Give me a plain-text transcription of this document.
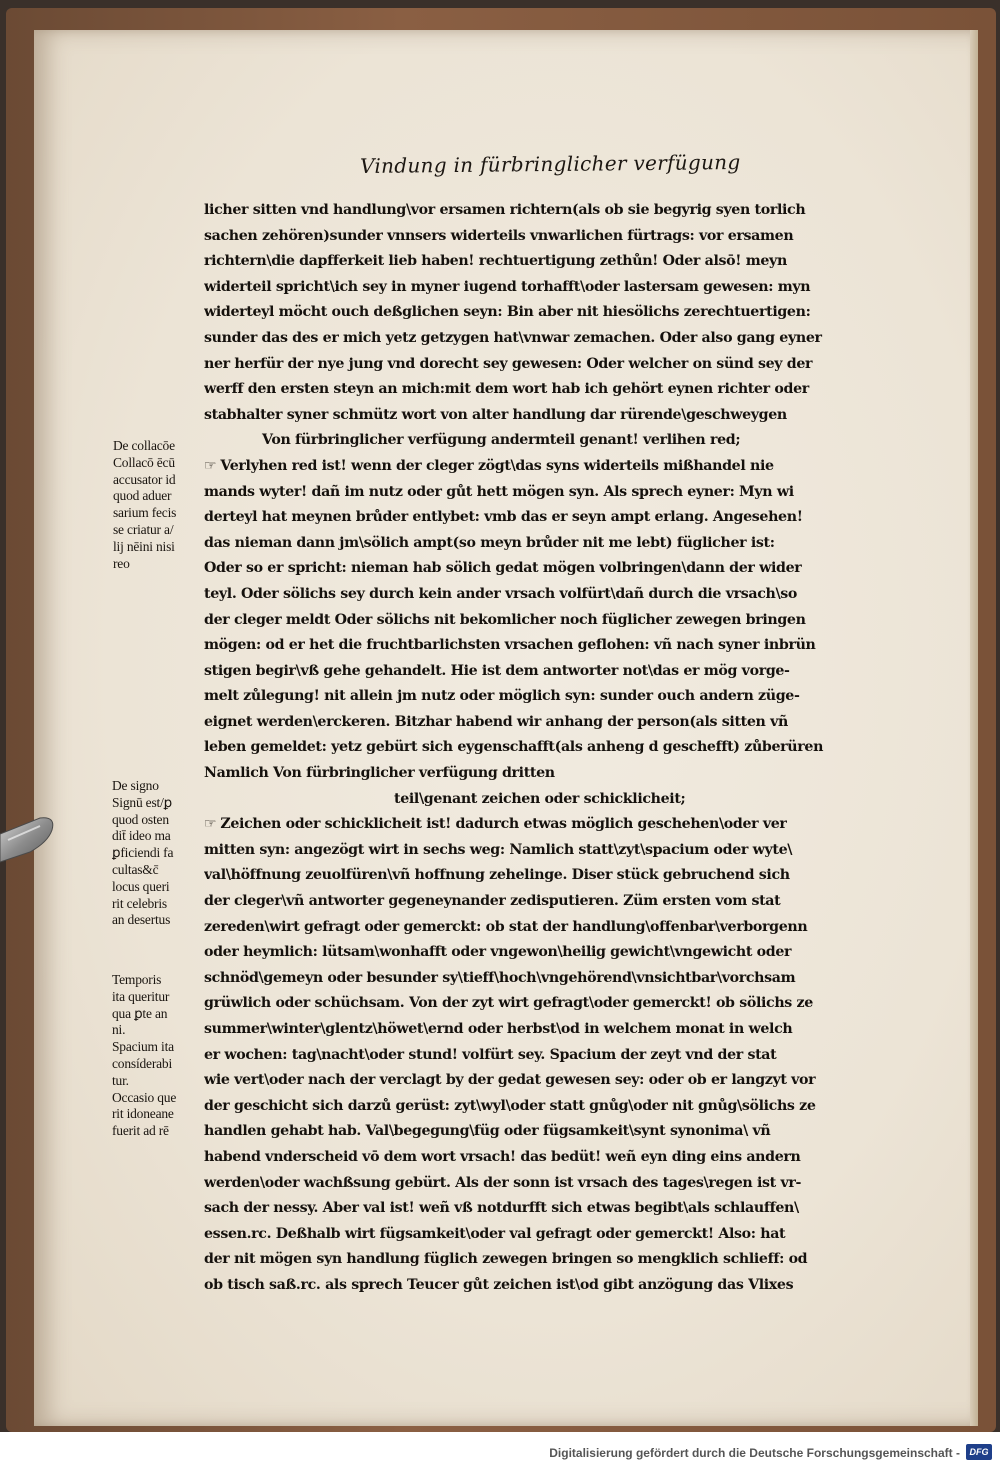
Vindung in fürbringlicher verfügung
licher sitten vnd handlung\vor ersamen richtern(als ob sie begyrig syen torlich
sachen zehören)sunder vnnsers widerteils vnwarlichen fürtrags: vor ersamen
richtern\die dapfferkeit lieb haben! rechtuertigung zethůn! Oder alsō! meyn
widerteil spricht\ich sey in myner iugend torhafft\oder lastersam gewesen: myn
widerteyl möcht ouch deßglichen seyn: Bin aber nit hiesölichs zerechtuertigen:
sunder das des er mich yetz getzygen hat\vnwar zemachen. Oder also gang eyner
ner herfür der nye jung vnd dorecht sey gewesen: Oder welcher on sünd sey der
werff den ersten steyn an mich:mit dem wort hab ich gehört eynen richter oder
stabhalter syner schmütz wort von alter handlung dar rürende\geschweygen
Von fürbringlicher verfügung andermteil genant! verlihen red;
☞ Verlyhen red ist! wenn der cleger zögt\das syns widerteils mißhandel nie
mands wyter! dañ im nutz oder gůt hett mögen syn. Als sprech eyner: Myn wi
derteyl hat meynen brůder entlybet: vmb das er seyn ampt erlang. Angesehen!
das nieman dann jm\sölich ampt(so meyn brůder nit me lebt) füglicher ist:
Oder so er spricht: nieman hab sölich gedat mögen volbringen\dann der wider
teyl. Oder sölichs sey durch kein ander vrsach volfürt\dañ durch die vrsach\so
der cleger meldt Oder sölichs nit bekomlicher noch füglicher zewegen bringen
mögen: od er het die fruchtbarlichsten vrsachen geflohen: vñ nach syner inbrün
stigen begir\vß gehe gehandelt. Hie ist dem antworter not\das er mög vorge-
melt zůlegung! nit allein jm nutz oder möglich syn: sunder ouch andern züge-
eignet werden\erckeren. Bitzhar habend wir anhang der person(als sitten vñ
leben gemeldet: yetz gebürt sich eygenschafft(als anheng d geschefft) zůberüren
Namlich Von fürbringlicher verfügung dritten
teil\genant zeichen oder schicklicheit;
☞ Zeichen oder schicklicheit ist! dadurch etwas möglich geschehen\oder ver
mitten syn: angezögt wirt in sechs weg: Namlich statt\zyt\spacium oder wyte\
val\höffnung zeuolfüren\vñ hoffnung zehelinge. Diser stück gebruchend sich
der cleger\vñ antworter gegeneynander zedisputieren. Züm ersten vom stat
zereden\wirt gefragt oder gemerckt: ob stat der handlung\offenbar\verborgenn
oder heymlich: lütsam\wonhafft oder vngewon\heilig gewicht\vngewicht oder
schnöd\gemeyn oder besunder sy\tieff\hoch\vngehörend\vnsichtbar\vorchsam
grüwlich oder schüchsam. Von der zyt wirt gefragt\oder gemerckt! ob sölichs ze
summer\winter\glentz\höwet\ernd oder herbst\od in welchem monat in welch
er wochen: tag\nacht\oder stund! volfürt sey. Spacium der zeyt vnd der stat
wie vert\oder nach der verclagt by der gedat gewesen sey: oder ob er langzyt vor
der geschicht sich darzů gerüst: zyt\wyl\oder statt gnůg\oder nit gnůg\sölichs ze
handlen gehabt hab. Val\begegung\füg oder fügsamkeit\synt synonima\ vñ
habend vnderscheid vō dem wort vrsach! das bedüt! weñ eyn ding eins andern
werden\oder wachßsung gebürt. Als der sonn ist vrsach des tages\regen ist vr-
sach der nessy. Aber val ist! weñ vß notdurfft sich etwas begibt\als schlauffen\
essen.rc. Deßhalb wirt fügsamkeit\oder val gefragt oder gemerckt! Also: hat
der nit mögen syn handlung füglich zewegen bringen so mengklich schlieff: od
ob tisch saß.rc. als sprech Teucer gůt zeichen ist\od gibt anzögung das Vlixes
De collacōe
Collacō ēcū
accusator id
quod aduer
sarium fecis
se criatur a/
lij nēini nisi
reo
De signo
Signū est/ꝑ
quod osten
dit̄ ideo ma
ꝑficiendi fa
cultas&c̄
locus queri
rit celebris
an desertus
Temporis
ita queritur
qua ꝑte an
ni.
Spacium ita
consíderabi
tur.
Occasio que
rit idoneane
fuerit ad rē
Digitalisierung gefördert durch die Deutsche Forschungsgemeinschaft -	DFG
